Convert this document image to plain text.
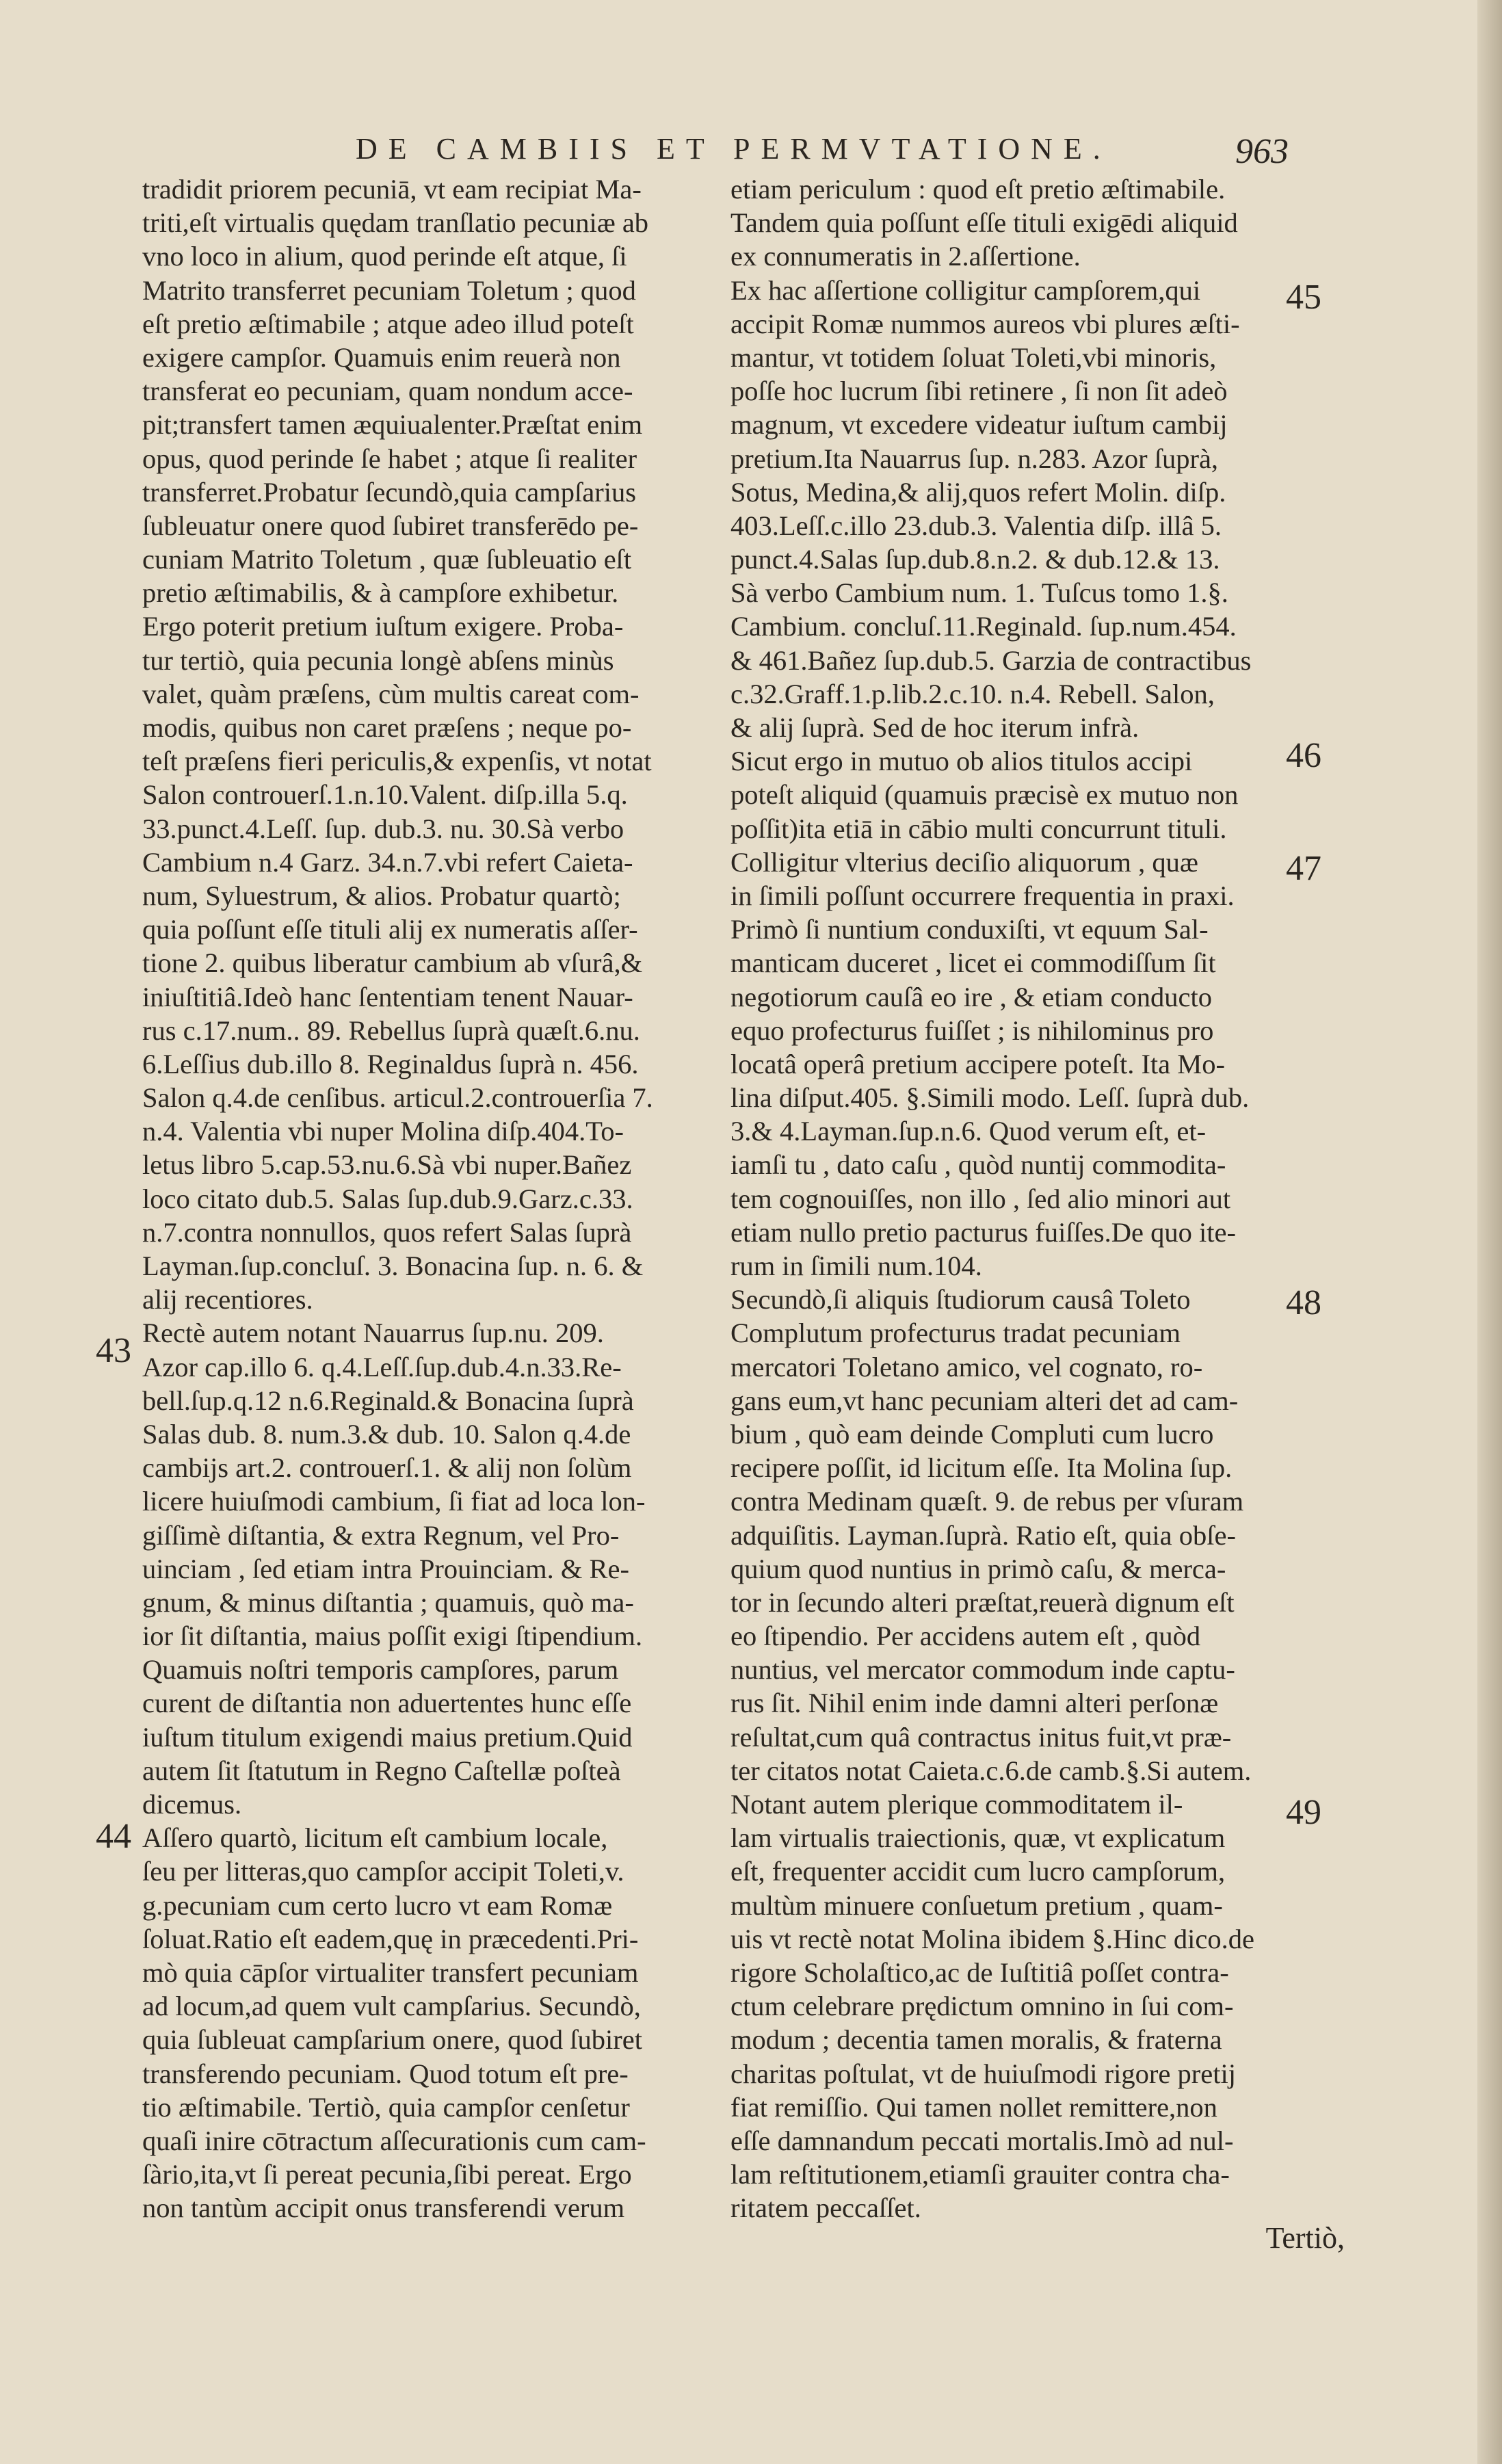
DE CAMBIIS ET PERMVTATIONE.	963
tradidit priorem pecuniā, vt eam recipiat Ma-
triti,eſt virtualis quędam tranſlatio pecuniæ ab
vno loco in alium, quod perinde eſt atque, ſi
Matrito transferret pecuniam Toletum ; quod
eſt pretio æſtimabile ; atque adeo illud poteſt
exigere campſor. Quamuis enim reuerà non
transferat eo pecuniam, quam nondum acce-
pit;transfert tamen æquiualenter.Præſtat enim
opus, quod perinde ſe habet ; atque ſi realiter
transferret.Probatur ſecundò,quia campſarius
ſubleuatur onere quod ſubiret transferēdo pe-
cuniam Matrito Toletum , quæ ſubleuatio eſt
pretio æſtimabilis, & à campſore exhibetur.
Ergo poterit pretium iuſtum exigere. Proba-
tur tertiò, quia pecunia longè abſens minùs
valet, quàm præſens, cùm multis careat com-
modis, quibus non caret præſens ; neque po-
teſt præſens fieri periculis,& expenſis, vt notat
Salon controuerſ.1.n.10.Valent. diſp.illa 5.q.
33.punct.4.Leſſ. ſup. dub.3. nu. 30.Sà verbo
Cambium n.4 Garz. 34.n.7.vbi refert Caieta-
num, Syluestrum, & alios. Probatur quartò;
quia poſſunt eſſe tituli alij ex numeratis aſſer-
tione 2. quibus liberatur cambium ab vſurâ,&
iniuſtitiâ.Ideò hanc ſententiam tenent Nauar-
rus c.17.num.. 89. Rebellus ſuprà quæſt.6.nu.
6.Leſſius dub.illo 8. Reginaldus ſuprà n. 456.
Salon q.4.de cenſibus. articul.2.controuerſia 7.
n.4. Valentia vbi nuper Molina diſp.404.To-
letus libro 5.cap.53.nu.6.Sà vbi nuper.Bañez
loco citato dub.5. Salas ſup.dub.9.Garz.c.33.
n.7.contra nonnullos, quos refert Salas ſuprà
Layman.ſup.concluſ. 3. Bonacina ſup. n. 6. &
alij recentiores.
Rectè autem notant Nauarrus ſup.nu. 209.
Azor cap.illo 6. q.4.Leſſ.ſup.dub.4.n.33.Re-
bell.ſup.q.12 n.6.Reginald.& Bonacina ſuprà
Salas dub. 8. num.3.& dub. 10. Salon q.4.de
cambijs art.2. controuerſ.1. & alij non ſolùm
licere huiuſmodi cambium, ſi fiat ad loca lon-
giſſimè diſtantia, & extra Regnum, vel Pro-
uinciam , ſed etiam intra Prouinciam. & Re-
gnum, & minus diſtantia ; quamuis, quò ma-
ior ſit diſtantia, maius poſſit exigi ſtipendium.
Quamuis noſtri temporis campſores, parum
curent de diſtantia non aduertentes hunc eſſe
iuſtum titulum exigendi maius pretium.Quid
autem ſit ſtatutum in Regno Caſtellæ poſteà
dicemus.
Aſſero quartò, licitum eſt cambium locale,
ſeu per litteras,quo campſor accipit Toleti,v.
g.pecuniam cum certo lucro vt eam Romæ
ſoluat.Ratio eſt eadem,quę in præcedenti.Pri-
mò quia cāpſor virtualiter transfert pecuniam
ad locum,ad quem vult campſarius. Secundò,
quia ſubleuat campſarium onere, quod ſubiret
transferendo pecuniam. Quod totum eſt pre-
tio æſtimabile. Tertiò, quia campſor cenſetur
quaſi inire cōtractum aſſecurationis cum cam-
ſàrio,ita,vt ſi pereat pecunia,ſibi pereat. Ergo
non tantùm accipit onus transferendi verum
etiam periculum : quod eſt pretio æſtimabile.
Tandem quia poſſunt eſſe tituli exigēdi aliquid
ex connumeratis in 2.aſſertione.
Ex hac aſſertione colligitur campſorem,qui
accipit Romæ nummos aureos vbi plures æſti-
mantur, vt totidem ſoluat Toleti,vbi minoris,
poſſe hoc lucrum ſibi retinere , ſi non ſit adeò
magnum, vt excedere videatur iuſtum cambij
pretium.Ita Nauarrus ſup. n.283. Azor ſuprà,
Sotus, Medina,& alij,quos refert Molin. diſp.
403.Leſſ.c.illo 23.dub.3. Valentia diſp. illâ 5.
punct.4.Salas ſup.dub.8.n.2. & dub.12.& 13.
Sà verbo Cambium num. 1. Tuſcus tomo 1.§.
Cambium. concluſ.11.Reginald. ſup.num.454.
& 461.Bañez ſup.dub.5. Garzia de contractibus
c.32.Graff.1.p.lib.2.c.10. n.4. Rebell. Salon,
& alij ſuprà. Sed de hoc iterum infrà.
Sicut ergo in mutuo ob alios titulos accipi
poteſt aliquid (quamuis præcisè ex mutuo non
poſſit)ita etiā in cābio multi concurrunt tituli.
Colligitur vlterius deciſio aliquorum , quæ
in ſimili poſſunt occurrere frequentia in praxi.
Primò ſi nuntium conduxiſti, vt equum Sal-
manticam duceret , licet ei commodiſſum ſit
negotiorum cauſâ eo ire , & etiam conducto
equo profecturus fuiſſet ; is nihilominus pro
locatâ operâ pretium accipere poteſt. Ita Mo-
lina diſput.405. §.Simili modo. Leſſ. ſuprà dub.
3.& 4.Layman.ſup.n.6. Quod verum eſt, et-
iamſi tu , dato caſu , quòd nuntij commodita-
tem cognouiſſes, non illo , ſed alio minori aut
etiam nullo pretio pacturus fuiſſes.De quo ite-
rum in ſimili num.104.
Secundò,ſi aliquis ſtudiorum causâ Toleto
Complutum profecturus tradat pecuniam
mercatori Toletano amico, vel cognato, ro-
gans eum,vt hanc pecuniam alteri det ad cam-
bium , quò eam deinde Compluti cum lucro
recipere poſſit, id licitum eſſe. Ita Molina ſup.
contra Medinam quæſt. 9. de rebus per vſuram
adquiſitis. Layman.ſuprà. Ratio eſt, quia obſe-
quium quod nuntius in primò caſu, & merca-
tor in ſecundo alteri præſtat,reuerà dignum eſt
eo ſtipendio. Per accidens autem eſt , quòd
nuntius, vel mercator commodum inde captu-
rus ſit. Nihil enim inde damni alteri perſonæ
reſultat,cum quâ contractus initus fuit,vt præ-
ter citatos notat Caieta.c.6.de camb.§.Si autem.
Notant autem plerique commoditatem il-
lam virtualis traiectionis, quæ, vt explicatum
eſt, frequenter accidit cum lucro campſorum,
multùm minuere conſuetum pretium , quam-
uis vt rectè notat Molina ibidem §.Hinc dico.de
rigore Scholaſtico,ac de Iuſtitiâ poſſet contra-
ctum celebrare prędictum omnino in ſui com-
modum ; decentia tamen moralis, & fraterna
charitas poſtulat, vt de huiuſmodi rigore pretij
fiat remiſſio. Qui tamen nollet remittere,non
eſſe damnandum peccati mortalis.Imò ad nul-
lam reſtitutionem,etiamſi grauiter contra cha-
ritatem peccaſſet.
43
44
45
46
47
48
49
Tertiò,
